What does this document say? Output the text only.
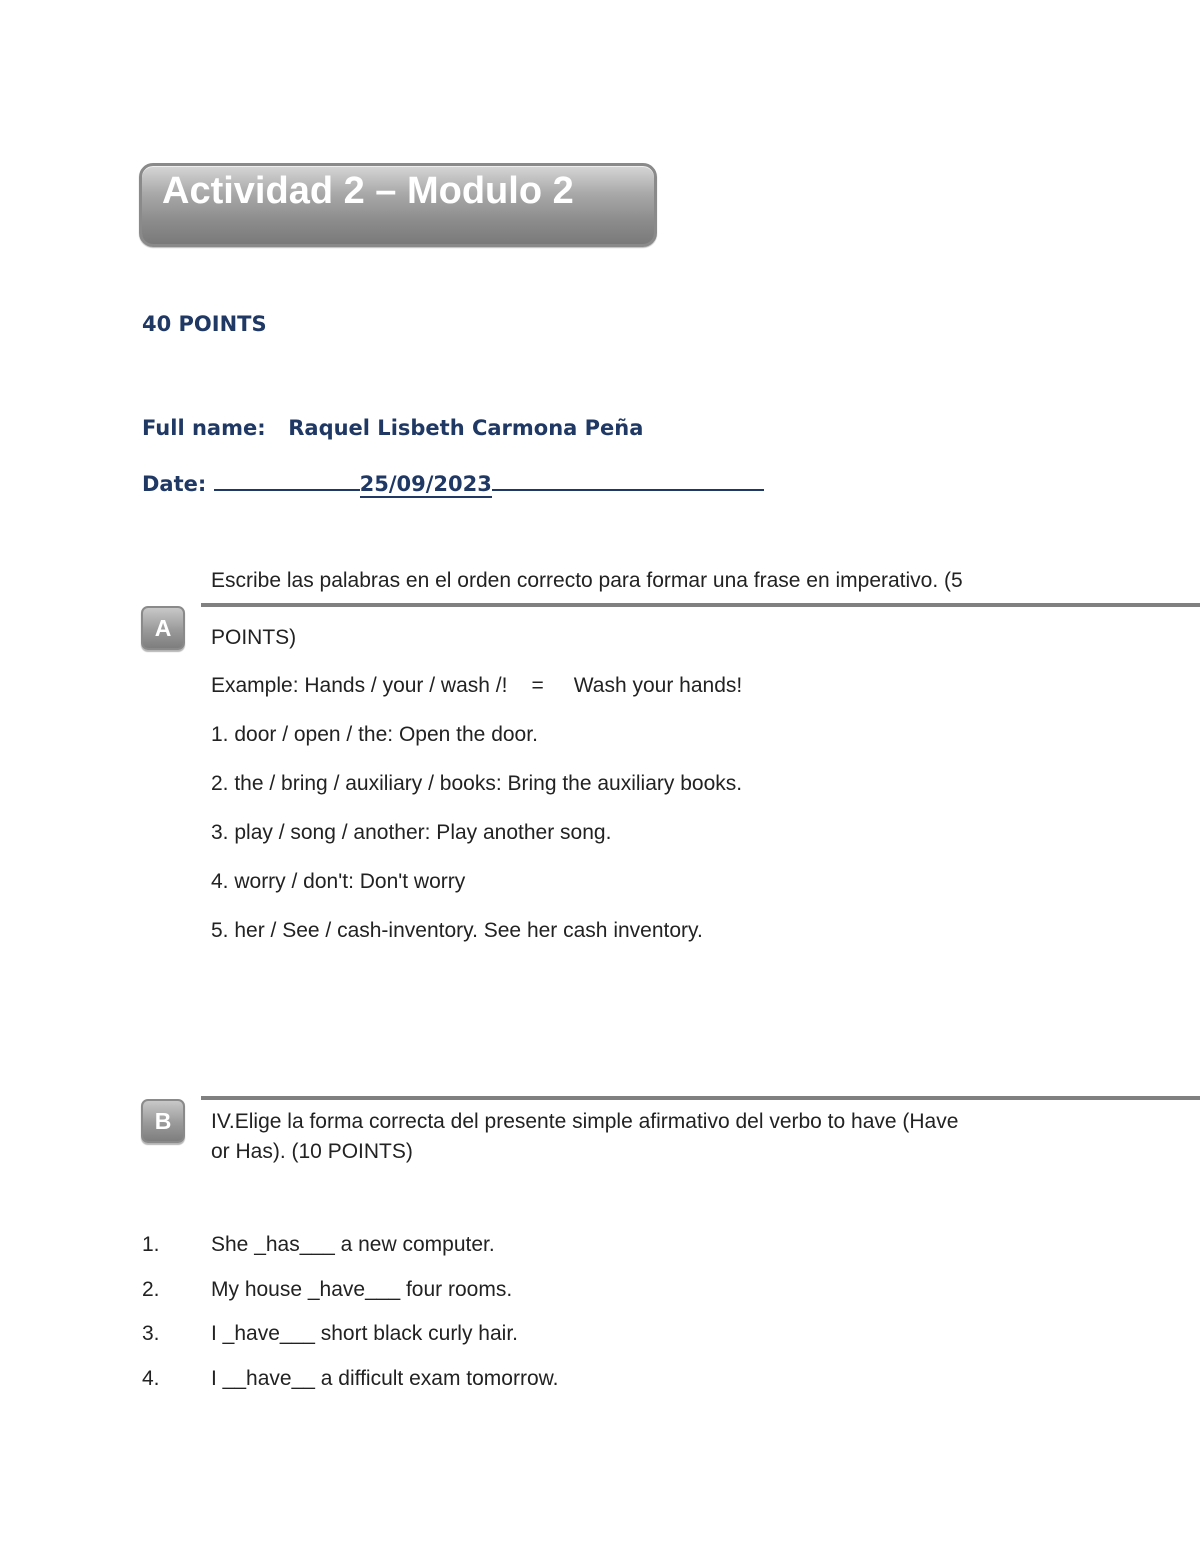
Actividad 2 – Modulo 2
40 POINTS
Full name: Raquel Lisbeth Carmona Peña
Date:	25/09/2023
Escribe las palabras en el orden correcto para formar una frase en imperativo. (5
A	POINTS)
Example: Hands / your / wash /! = Wash your hands!
1. door / open / the: Open the door.
2. the / bring / auxiliary / books: Bring the auxiliary books.
3. play / song / another: Play another song.
4. worry / don't: Don't worry
5. her / See / cash-inventory. See her cash inventory.
B	IV.Elige la forma correcta del presente simple afirmativo del verbo to have (Have
or Has). (10 POINTS)
1. She _has___ a new computer.
2. My house _have___ four rooms.
3. I _have___ short black curly hair.
4. I __have__ a difficult exam tomorrow.
